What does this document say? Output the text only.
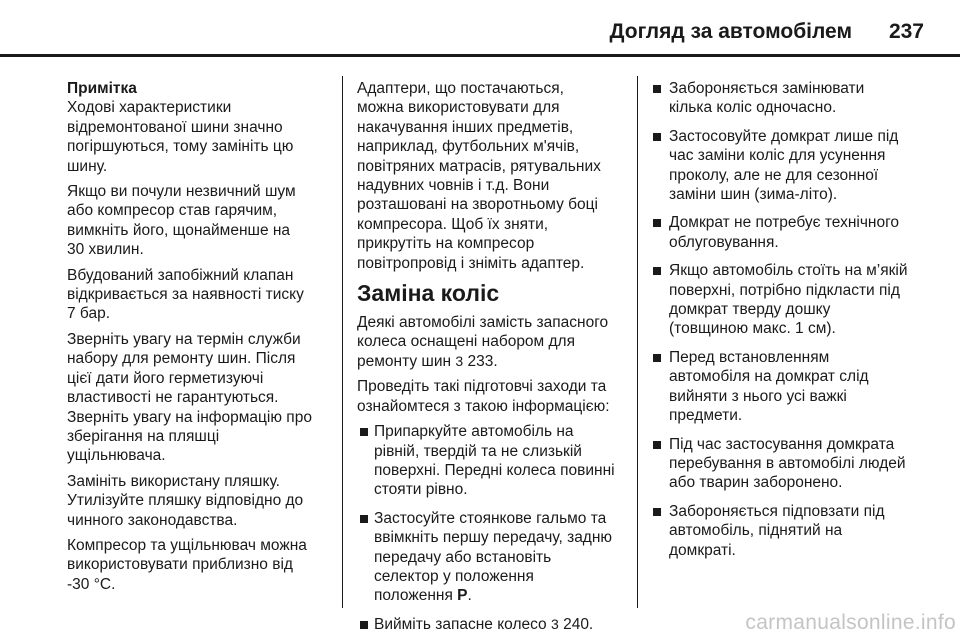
Догляд за автомобілем 237
Примітка

Ходові характеристики
відремонтованої шини значно
погіршуються, тому замініть цю
шину.

Якщо ви почули незвичний шум
або компресор став гарячим,
вимкніть його, щонайменше на
30 хвилин.

Вбудований запобіжний клапан
відкривається за наявності тиску
7 бар.

Зверніть увагу на термін служби
набору для ремонту шин. Після
цієї дати його герметизуючі
властивості не гарантуються.
Зверніть увагу на інформацію про
зберігання на пляшці
ущільнювача.

Замініть використану пляшку.
Утилізуйте пляшку відповідно до
чинного законодавства.

Компресор та ущільнювач можна
використовувати приблизно від
-30 °С.

Адаптери, що постачаються,
можна використовувати для
накачування інших предметів,
наприклад, футбольних м'ячів,
повітряних матрасів, рятувальних
надувних човнів і т.д. Вони
розташовані на зворотньому боці
компресора. Щоб їх зняти,
прикрутіть на компресор
повітропровід і зніміть адаптер.

Заміна коліс

Деякі автомобілі замість запасного
колеса оснащені набором для
ремонту шин 3 233.

Проведіть такі підготовчі заходи та
ознайомтеся з такою інформацією:

Припаркуйте автомобіль на
рівній, твердій та не слизькій
поверхні. Передні колеса повинні
стояти рівно.
Застосуйте стоянкове гальмо та
ввімкніть першу передачу, задню
передачу або встановіть
селектор у положення
положення P.
Вийміть запасне колесо 3 240.
Забороняється замінювати
кілька коліс одночасно.
Застосовуйте домкрат лише під
час заміни коліс для усунення
проколу, але не для сезонної
заміни шин (зима-літо).
Домкрат не потребує технічного
облуговування.
Якщо автомобіль стоїть на м’якій
поверхні, потрібно підкласти під
домкрат тверду дошку
(товщиною макс. 1 см).
Перед встановленням
автомобіля на домкрат слід
вийняти з нього усі важкі
предмети.
Під час застосування домкрата
перебування в автомобілі людей
або тварин заборонено.
Забороняється підповзати під
автомобіль, піднятий на
домкраті.
carmanualsonline.info
